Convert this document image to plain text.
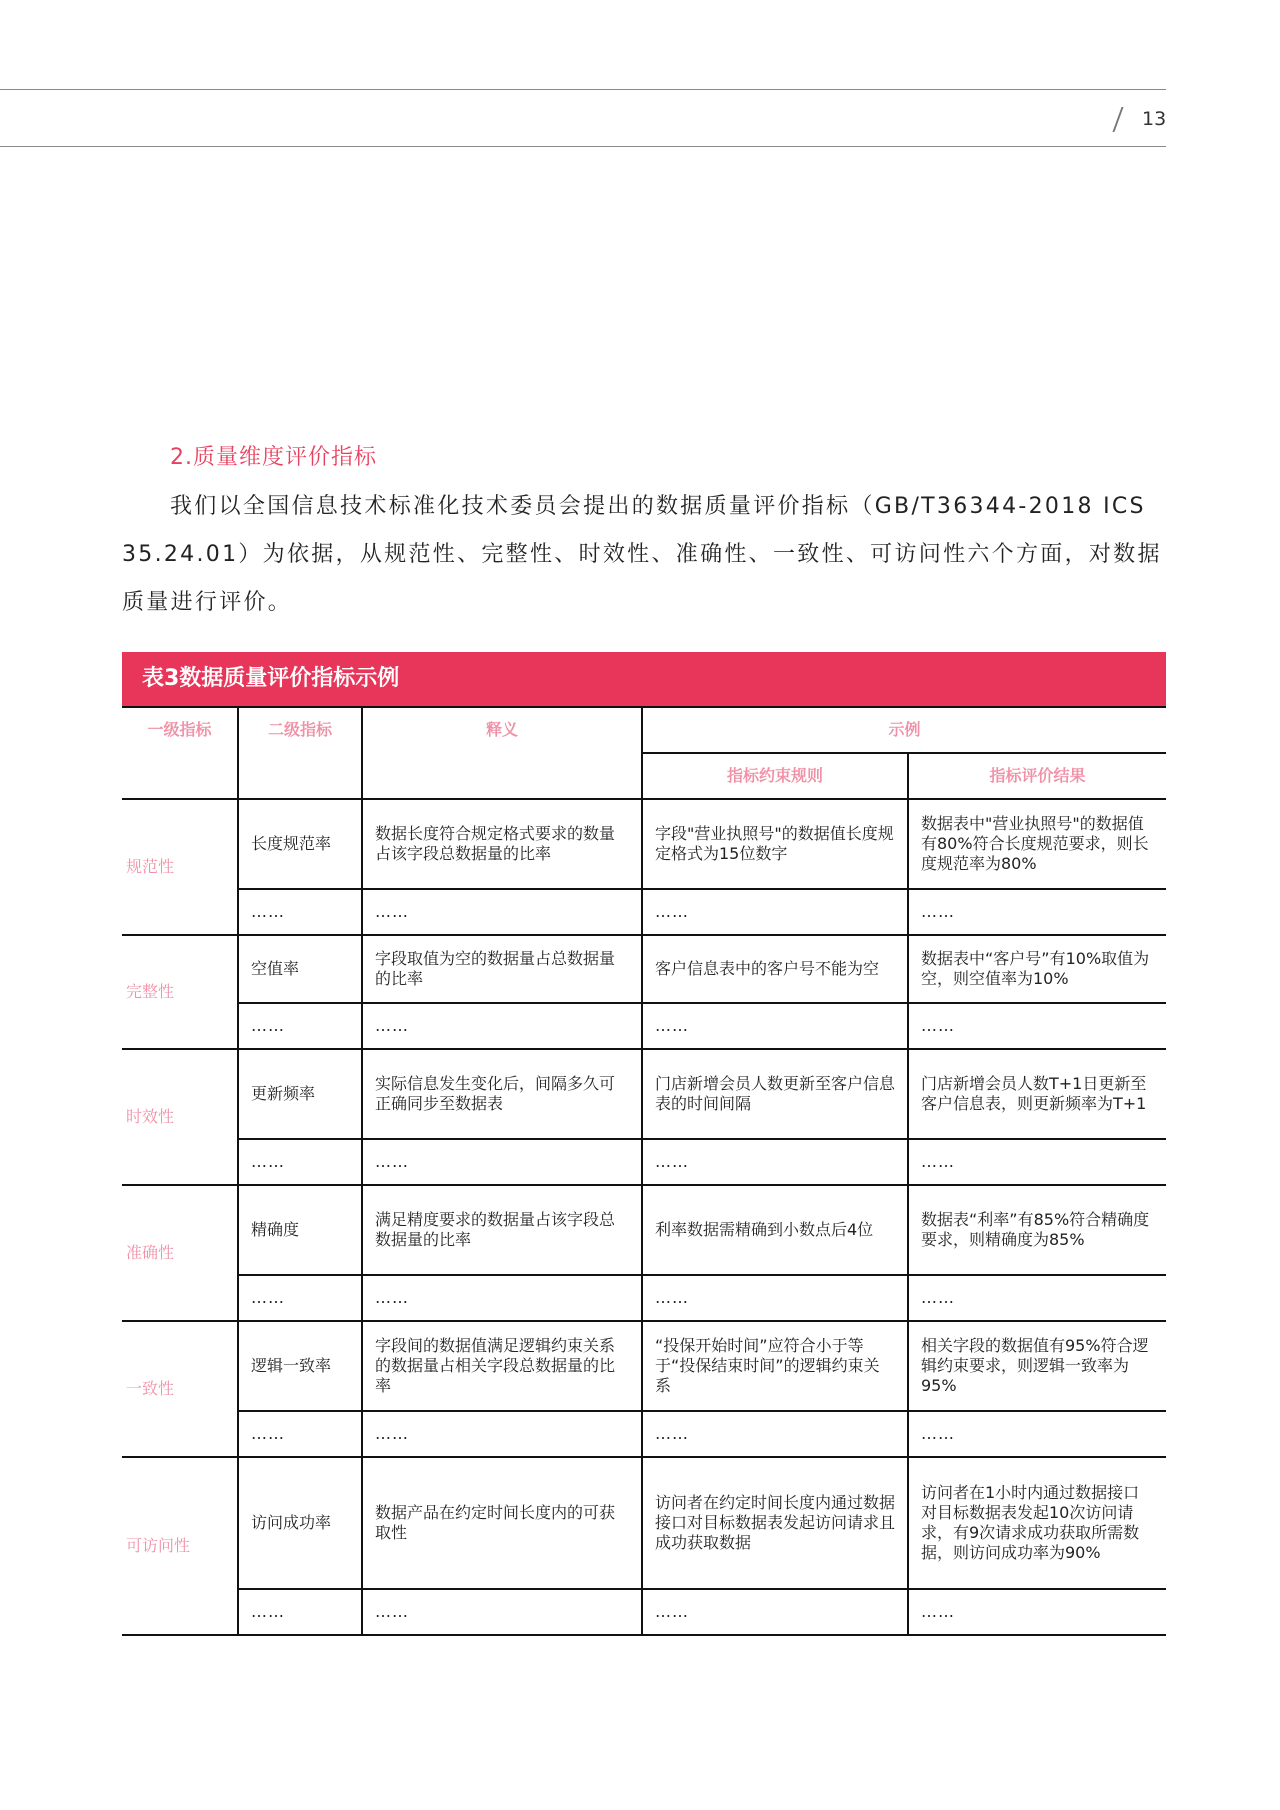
13
2.质量维度评价指标

我们以全国信息技术标准化技术委员会提出的数据质量评价指标（GB/T36344-2018 ICS 35.24.01）为依据，从规范性、完整性、时效性、准确性、一致性、可访问性六个方面，对数据质量进行评价。

表3数据质量评价指标示例
一级指标	二级指标	释义	示例	
			指标约束规则	指标评价结果
规范性	长度规范率	数据长度符合规定格式要求的数量占该字段总数据量的比率	字段"营业执照号"的数据值长度规定格式为15位数字	数据表中"营业执照号"的数据值有80%符合长度规范要求，则长度规范率为80%
	……	……	……	……
完整性	空值率	字段取值为空的数据量占总数据量的比率	客户信息表中的客户号不能为空	数据表中“客户号”有10%取值为空，则空值率为10%
	……	……	……	……
时效性	更新频率	实际信息发生变化后，间隔多久可正确同步至数据表	门店新增会员人数更新至客户信息表的时间间隔	门店新增会员人数T+1日更新至客户信息表，则更新频率为T+1
	……	……	……	……
准确性	精确度	满足精度要求的数据量占该字段总数据量的比率	利率数据需精确到小数点后4位	数据表“利率”有85%符合精确度要求，则精确度为85%
	……	……	……	……
一致性	逻辑一致率	字段间的数据值满足逻辑约束关系的数据量占相关字段总数据量的比率	“投保开始时间”应符合小于等于“投保结束时间”的逻辑约束关系	相关字段的数据值有95%符合逻辑约束要求，则逻辑一致率为95%
	……	……	……	……
可访问性	访问成功率	数据产品在约定时间长度内的可获取性	访问者在约定时间长度内通过数据接口对目标数据表发起访问请求且成功获取数据	访问者在1小时内通过数据接口对目标数据表发起10次访问请求，有9次请求成功获取所需数据，则访问成功率为90%
	……	……	……	……
